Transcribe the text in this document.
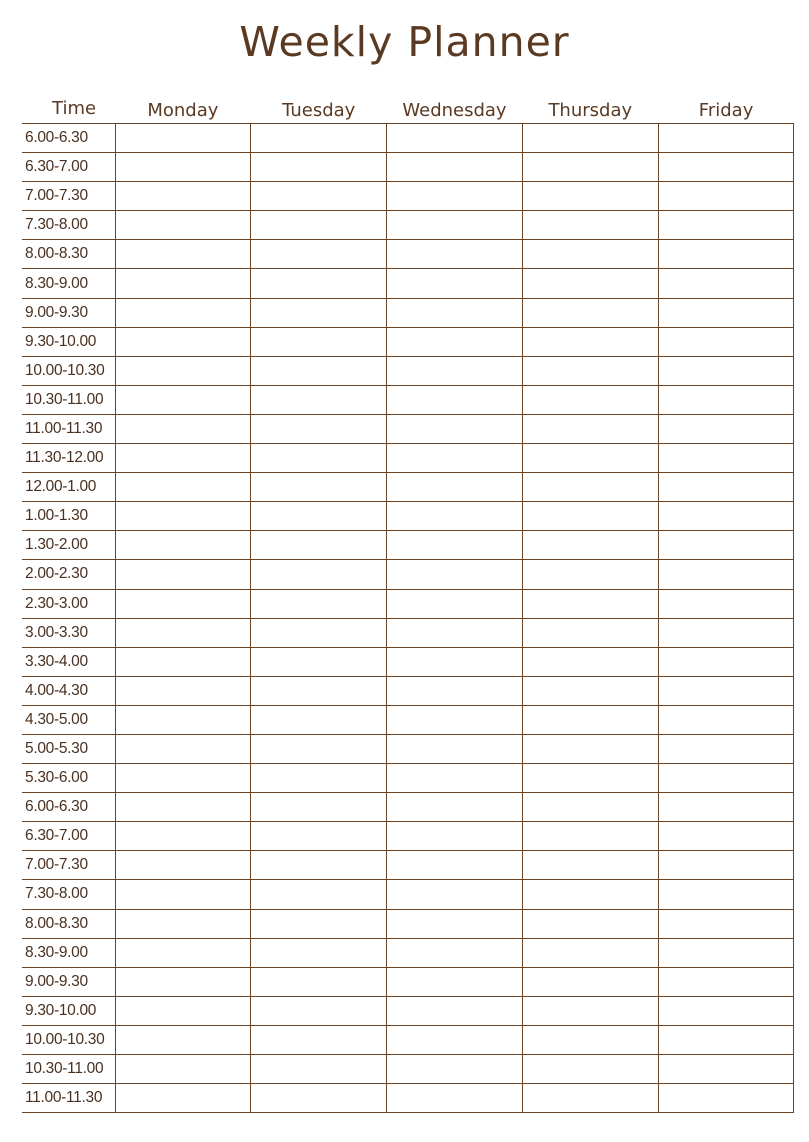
Weekly Planner
Time	Monday	Tuesday	Wednesday	Thursday	Friday
6.00-6.30					
6.30-7.00					
7.00-7.30					
7.30-8.00					
8.00-8.30					
8.30-9.00					
9.00-9.30					
9.30-10.00					
10.00-10.30					
10.30-11.00					
11.00-11.30					
11.30-12.00					
12.00-1.00					
1.00-1.30					
1.30-2.00					
2.00-2.30					
2.30-3.00					
3.00-3.30					
3.30-4.00					
4.00-4.30					
4.30-5.00					
5.00-5.30					
5.30-6.00					
6.00-6.30					
6.30-7.00					
7.00-7.30					
7.30-8.00					
8.00-8.30					
8.30-9.00					
9.00-9.30					
9.30-10.00					
10.00-10.30					
10.30-11.00					
11.00-11.30					
